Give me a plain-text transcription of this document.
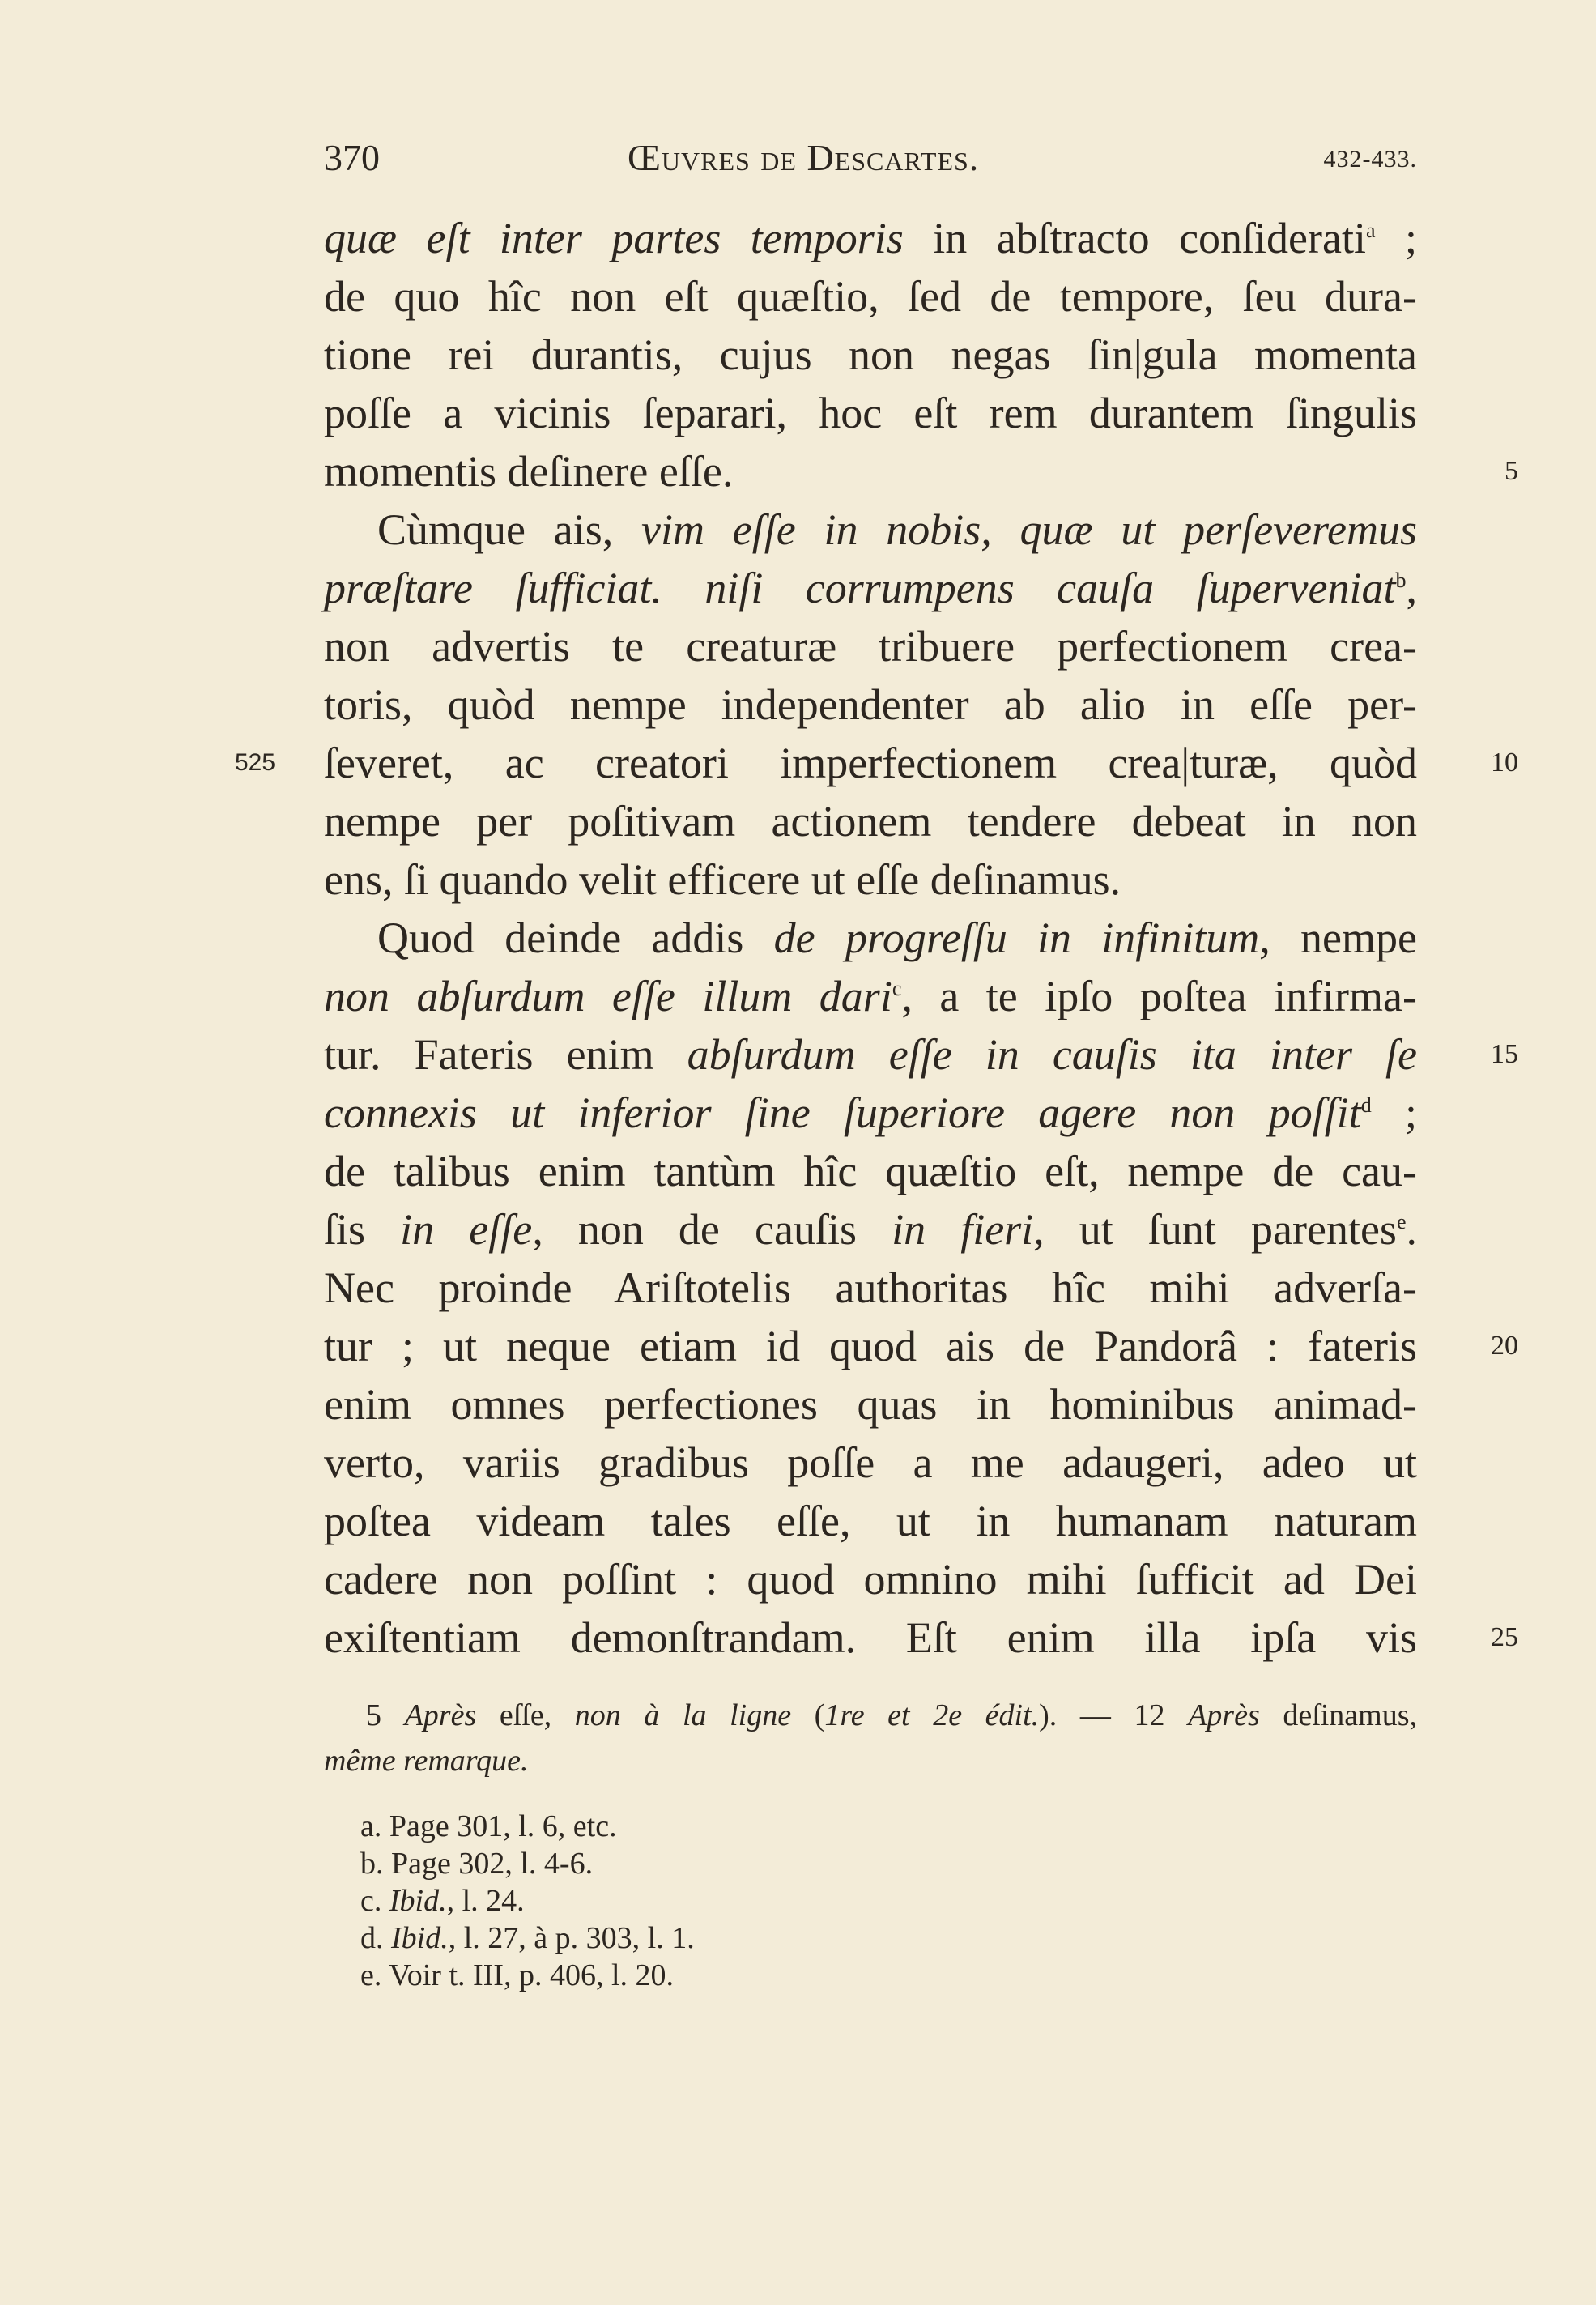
370	Œuvres de Descartes.	432-433.
quæ eſt inter partes temporis in abſtracto conſiderati$^a$ ;
de quo hîc non eſt quæſtio, ſed de tempore, ſeu dura-
tione rei durantis, cujus non negas ſin|gula momenta
poſſe a vicinis ſeparari, hoc eſt rem durantem ſingulis
momentis deſinere eſſe.	5
Cùmque ais, vim eſſe in nobis, quæ ut perſeveremus
præſtare ſufficiat. niſi corrumpens cauſa ſuperveniat$^b$,
non advertis te creaturæ tribuere perfectionem crea-
toris, quòd nempe independenter ab alio in eſſe per-
ſeveret, ac creatori imperfectionem crea|turæ, quòd	10
525
nempe per poſitivam actionem tendere debeat in non
ens, ſi quando velit efficere ut eſſe deſinamus.
Quod deinde addis de progreſſu in infinitum, nempe
non abſurdum eſſe illum dari$^c$, a te ipſo poſtea infirma-
tur. Fateris enim abſurdum eſſe in cauſis ita inter ſe	15
connexis ut inferior ſine ſuperiore agere non poſſit$^d$ ;
de talibus enim tantùm hîc quæſtio eſt, nempe de cau-
ſis in eſſe, non de cauſis in fieri, ut ſunt parentes$^e$.
Nec proinde Ariſtotelis authoritas hîc mihi adverſa-
tur ; ut neque etiam id quod ais de Pandorâ : fateris	20
enim omnes perfectiones quas in hominibus animad-
verto, variis gradibus poſſe a me adaugeri, adeo ut
poſtea videam tales eſſe, ut in humanam naturam
cadere non poſſint : quod omnino mihi ſufficit ad Dei
exiſtentiam demonſtrandam. Eſt enim illa ipſa vis	25
5 Après eſſe, non à la ligne (1re et 2e édit.). — 12 Après deſinamus,
même remarque.
a. Page 301, l. 6, etc.
b. Page 302, l. 4-6.
c. Ibid., l. 24.
d. Ibid., l. 27, à p. 303, l. 1.
e. Voir t. III, p. 406, l. 20.
